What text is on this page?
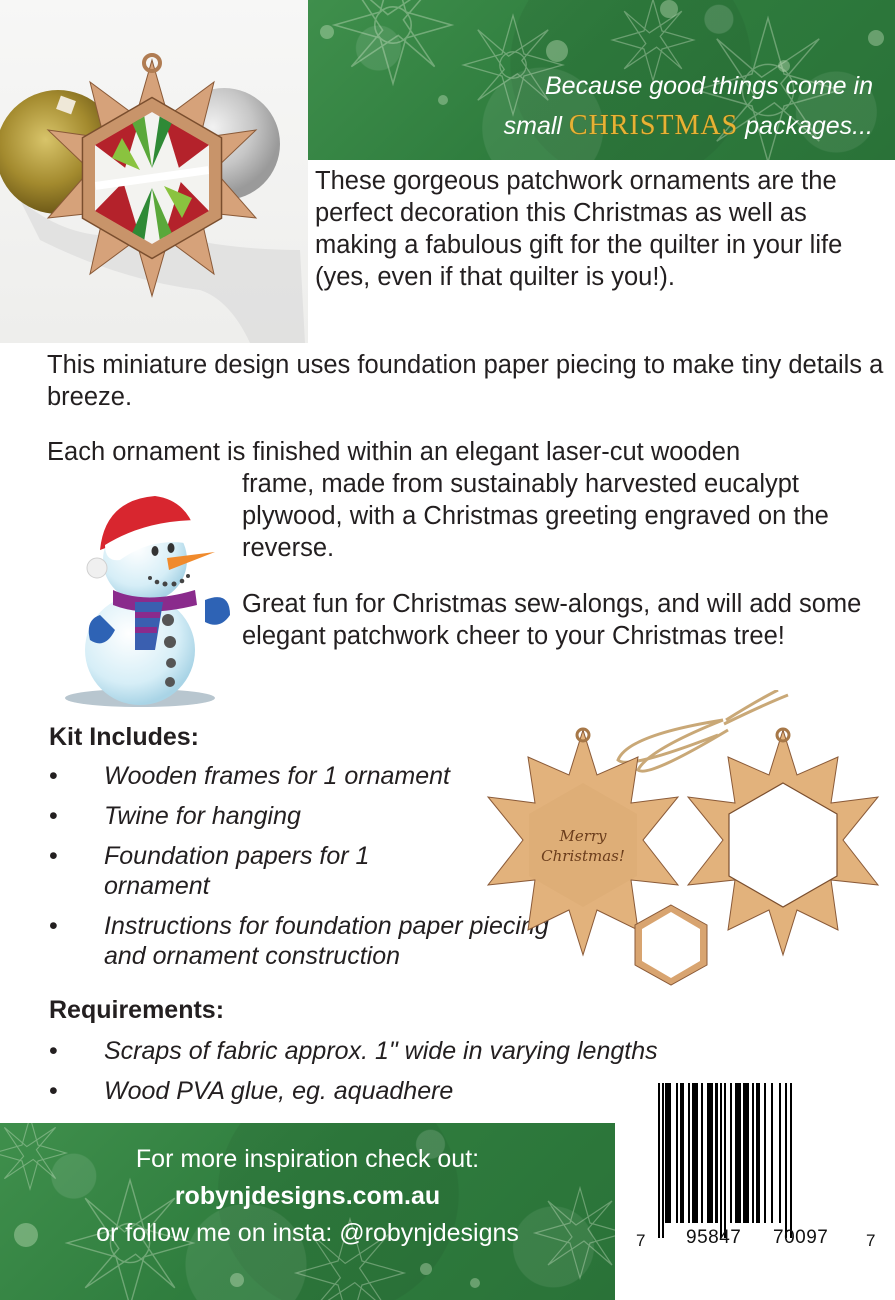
Because good things come in
small CHRISTMAS packages...
These gorgeous patchwork ornaments are the perfect decoration this Christmas as well as making a fabulous gift for the quilter in your life (yes, even if that quilter is you!).
This miniature design uses foundation paper piecing to make tiny details a breeze.
Each ornament is finished within an elegant laser-cut wooden
frame, made from sustainably harvested eucalypt plywood, with a Christmas greeting engraved on the reverse.
Great fun for Christmas sew-alongs, and will add some elegant patchwork cheer to your Christmas tree!
Kit Includes:
• Wooden frames for 1 ornament
• Twine for hanging
• Foundation papers for 1 ornament
• Instructions for foundation paper piecing and ornament construction
Merry
Christmas!
Requirements:
• Scraps of fabric approx. 1" wide in varying lengths
• Wood PVA glue, eg. aquadhere
For more inspiration check out:
robynjdesigns.com.au
or follow me on insta: @robynjdesigns	7 95847 70097 7
